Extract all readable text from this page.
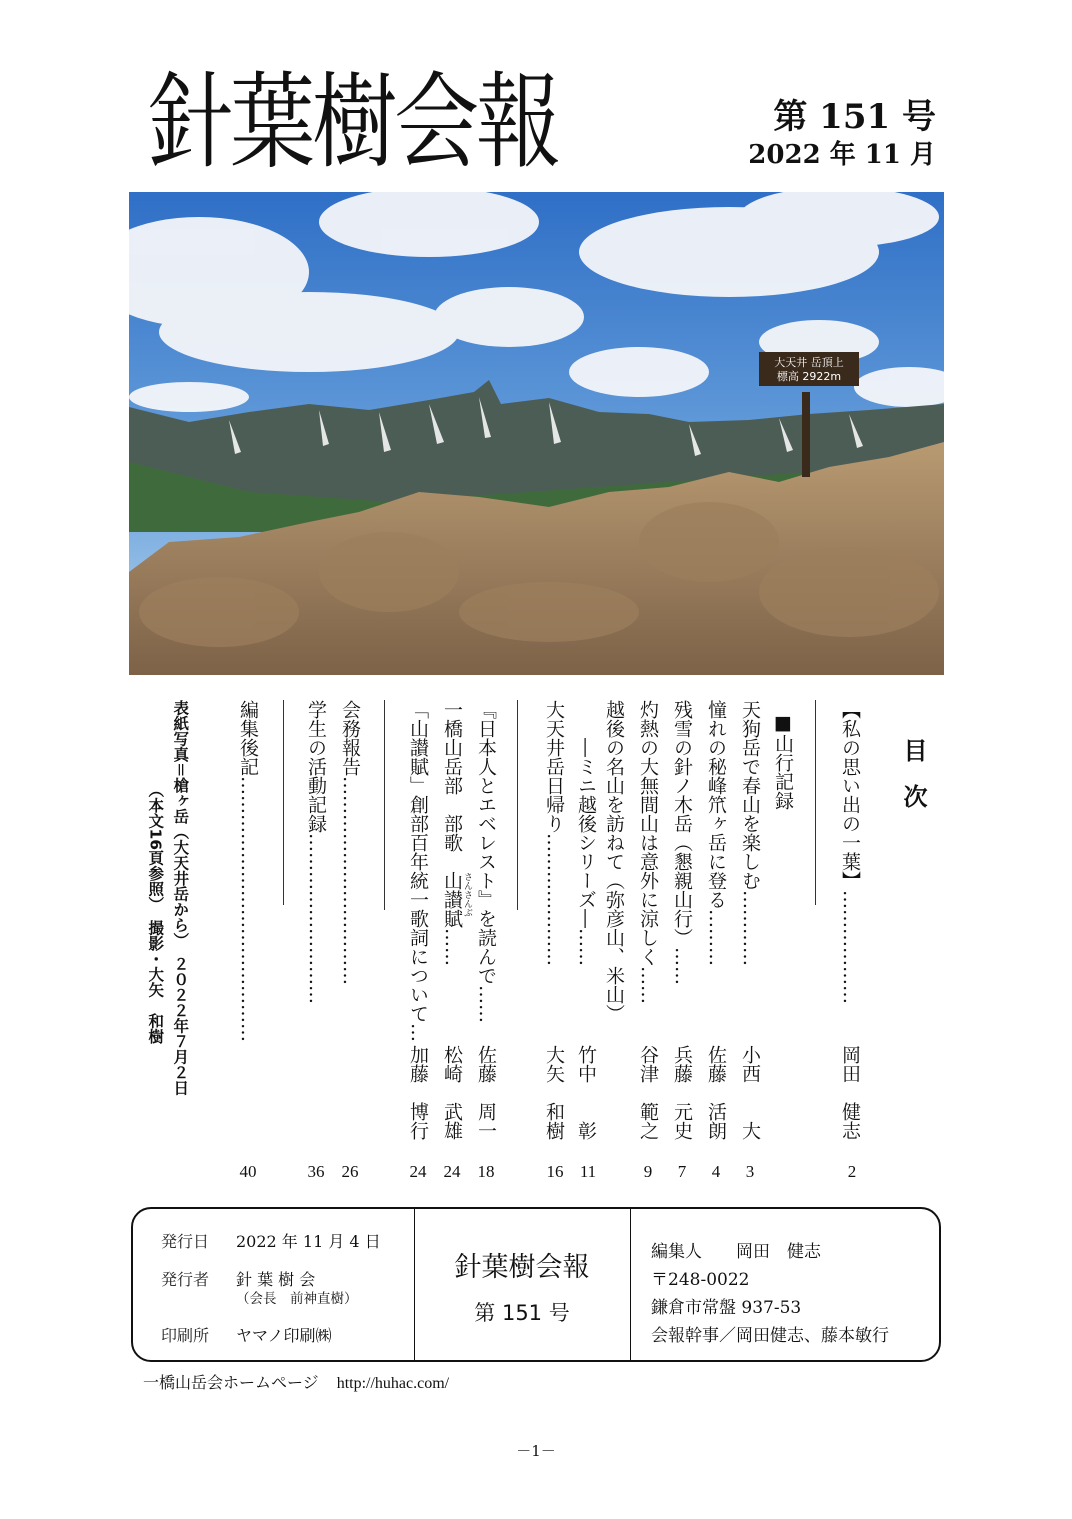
針葉樹会報	第 151 号
2022 年 11 月
大天井 岳頂上
標高 2922m
目次
【私の思い出の一葉】………………
岡田　健志
2
■山行記録
天狗岳で春山を楽しむ…………
小西　　大
3
憧れの秘峰笊ヶ岳に登る………
佐藤　活朗
4
残雪の針ノ木岳（懇親山行）……
兵藤　元史
7
灼熱の大無間山は意外に涼しく……
谷津　範之
9
越後の名山を訪ねて（弥彦山、米山）
―ミニ越後シリーズ―……
竹中　　彰
11
大天井岳日帰り…………………
大矢　和樹
16
『日本人とエベレスト』を読んで……
佐藤　周一
18
一橋山岳部　部歌　山讃賦……
さんさんぶ
松崎　武雄
24
「山讃賦」創部百年統一歌詞について…
加藤　博行
24
会務報告……………………………
26
学生の活動記録………………………
36
編集後記……………………………………
40
表紙写真＝槍ヶ岳（大天井岳から）　２０２２年７月２日
（本文16頁参照）　撮影・大矢　和樹
発行日 2022 年 11 月 4 日
発行者 針 葉 樹 会
（会長　前神直樹）
印刷所 ヤマノ印刷㈱
針葉樹会報
第 151 号
編集人　　岡田　健志
〒248-0022
鎌倉市常盤 937-53
会報幹事／岡田健志、藤本敏行
一橋山岳会ホームページ http://huhac.com/
－1－
